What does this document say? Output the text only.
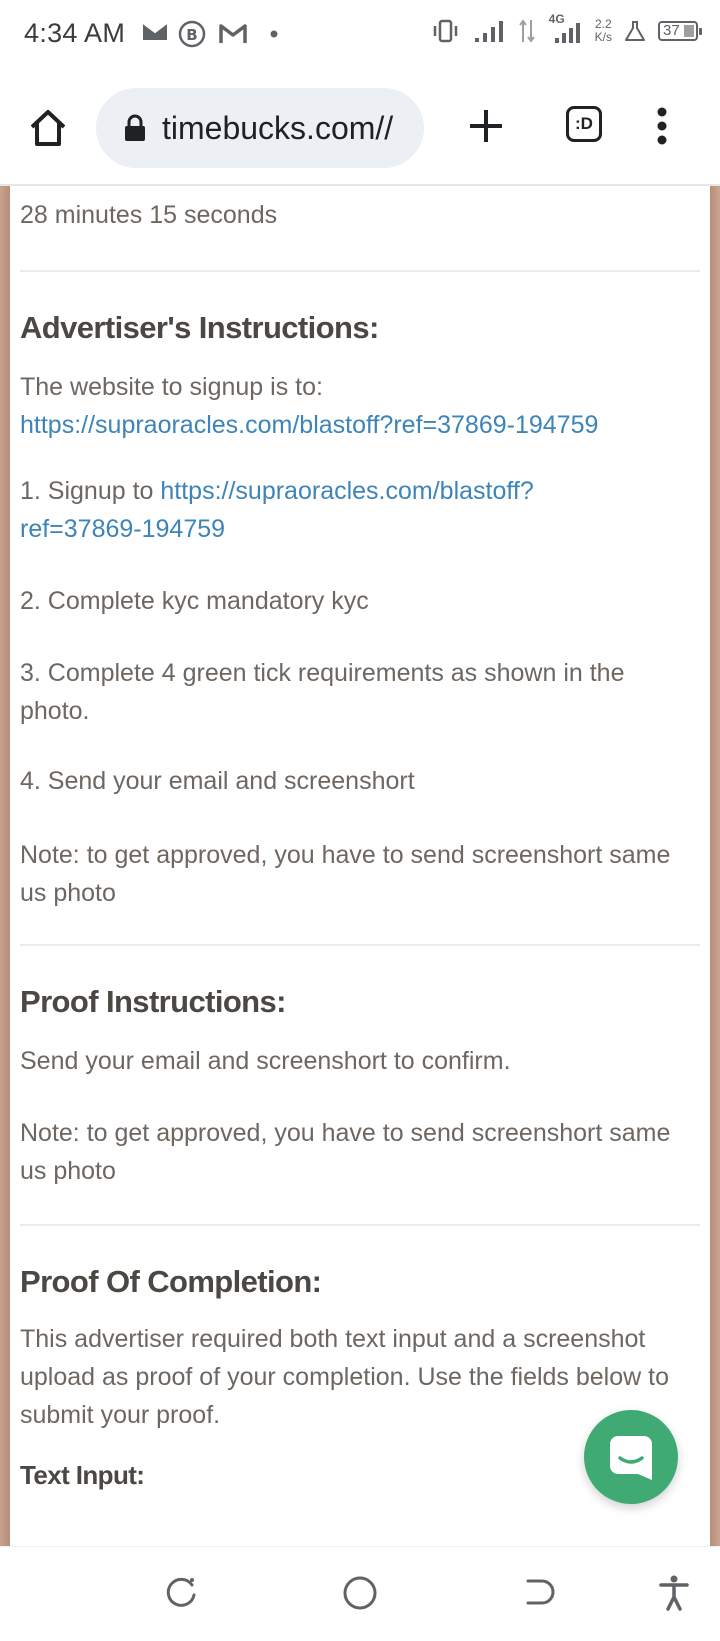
4:34 AM	B
4G	2.2
K/s	37
timebucks.com//	:D

28 minutes 15 seconds

Advertiser's Instructions:

The website to signup is to:

https://supraoracles.com/blastoff?ref=37869-194759

1. Signup to https://supraoracles.com/blastoff?
ref=37869-194759

2. Complete kyc mandatory kyc

3. Complete 4 green tick requirements as shown in the photo.

4. Send your email and screenshort

Note: to get approved, you have to send screenshort same us photo

Proof Instructions:

Send your email and screenshort to confirm.

Note: to get approved, you have to send screenshort same us photo

Proof Of Completion:

This advertiser required both text input and a screenshot upload as proof of your completion. Use the fields below to submit your proof.

Text Input:
